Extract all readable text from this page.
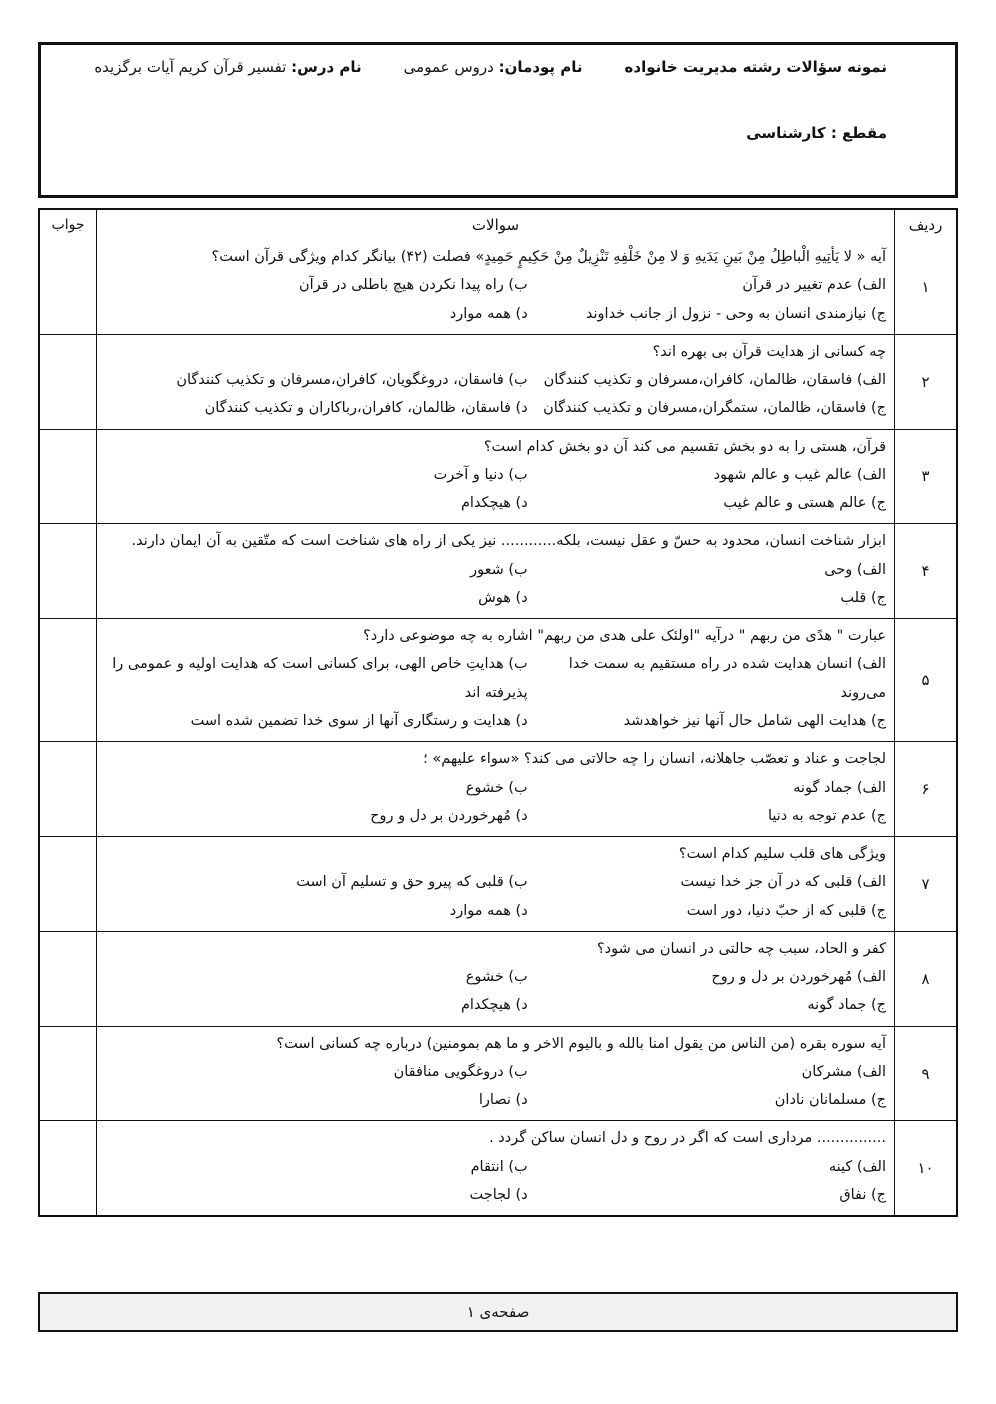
نمونه سؤالات رشته مدیریت خانواده
نام پودمان: دروس عمومی
نام درس: تفسیر قرآن کریم آیات برگزیده
مقطع : کارشناسی
ردیف
سوالات
جواب
۱
آیه « لا یَأتِیهِ الْباطِلُ مِنْ بَینِ یَدَیهِ وَ لا مِنْ خَلْفِهِ تَنْزِیلٌ مِنْ حَکِیمٍ حَمِیدٍ» فصلت (۴۲) بیانگر کدام ویژگی قرآن است؟
الف) عدم تغییر در قرآن
ب) راه پیدا نکردن هیچ باطلی در قرآن
ج) نیازمندی انسان به وحی - نزول از جانب خداوند
د) همه موارد
۲
چه کسانی از هدایت قرآن بی بهره اند؟
الف) فاسقان، ظالمان، کافران،مسرفان و تکذیب کنندگان
ب) فاسقان، دروغگویان، کافران،مسرفان و تکذیب کنندگان
ج) فاسقان، ظالمان، ستمگران،مسرفان و تکذیب کنندگان
د) فاسقان، ظالمان، کافران،رباکاران و تکذیب کنندگان
۳
قرآن، هستی را به دو بخش تقسیم می کند آن دو بخش کدام است؟
الف) عالم غیب و عالم شهود
ب) دنیا و آخرت
ج) عالم هستی و عالم غیب
د) هیچکدام
۴
ابزار شناخت انسان، محدود به حسّ و عقل نیست، بلکه............ نیز یکی از راه های شناخت است که متّقین به آن ایمان دارند.
الف) وحی
ب) شعور
ج) قلب
د) هوش
۵
عبارت " هدًی من ربهم " درآیه "اولئک علی هدی من ربهم" اشاره به چه موضوعی دارد؟
الف) انسان هدایت شده در راه مستقیم به سمت خدا می‌روند
ب) هدایتِ خاص الهی، برای کسانی است که هدایت اولیه و عمومی را پذیرفته اند
ج) هدایت الهی شامل حال آنها نیز خواهدشد
د) هدایت و رستگاری آنها از سوی خدا تضمین شده است
۶
لجاجت و عناد و تعصّب جاهلانه، انسان را چه حالاتی می کند؟ «سواء علیهم» ؛
الف) جماد گونه
ب) خشوع
ج) عدم توجه به دنیا
د) مُهرخوردن بر دل و روح
۷
ویژگی های قلب سلیم کدام است؟
الف) قلبی که در آن جز خدا نیست
ب) قلبی که پیرو حق و تسلیم آن است
ج) قلبی که از حبّ دنیا، دور است
د) همه موارد
۸
کفر و الحاد، سبب چه حالتی در انسان می شود؟
الف) مُهرخوردن بر دل و روح
ب) خشوع
ج) جماد گونه
د) هیچکدام
۹
آیه سوره بقره (من الناس من یقول امنا بالله و بالیوم الاخر و ما هم بمومنین) درباره چه کسانی است؟
الف) مشرکان
ب) دروغگویی منافقان
ج) مسلمانان نادان
د) نصارا
۱۰
............... مرداری است که اگر در روح و دل انسان ساکن گردد .
الف) کینه
ب) انتقام
ج) نفاق
د) لجاجت
صفحه‌ی ۱
